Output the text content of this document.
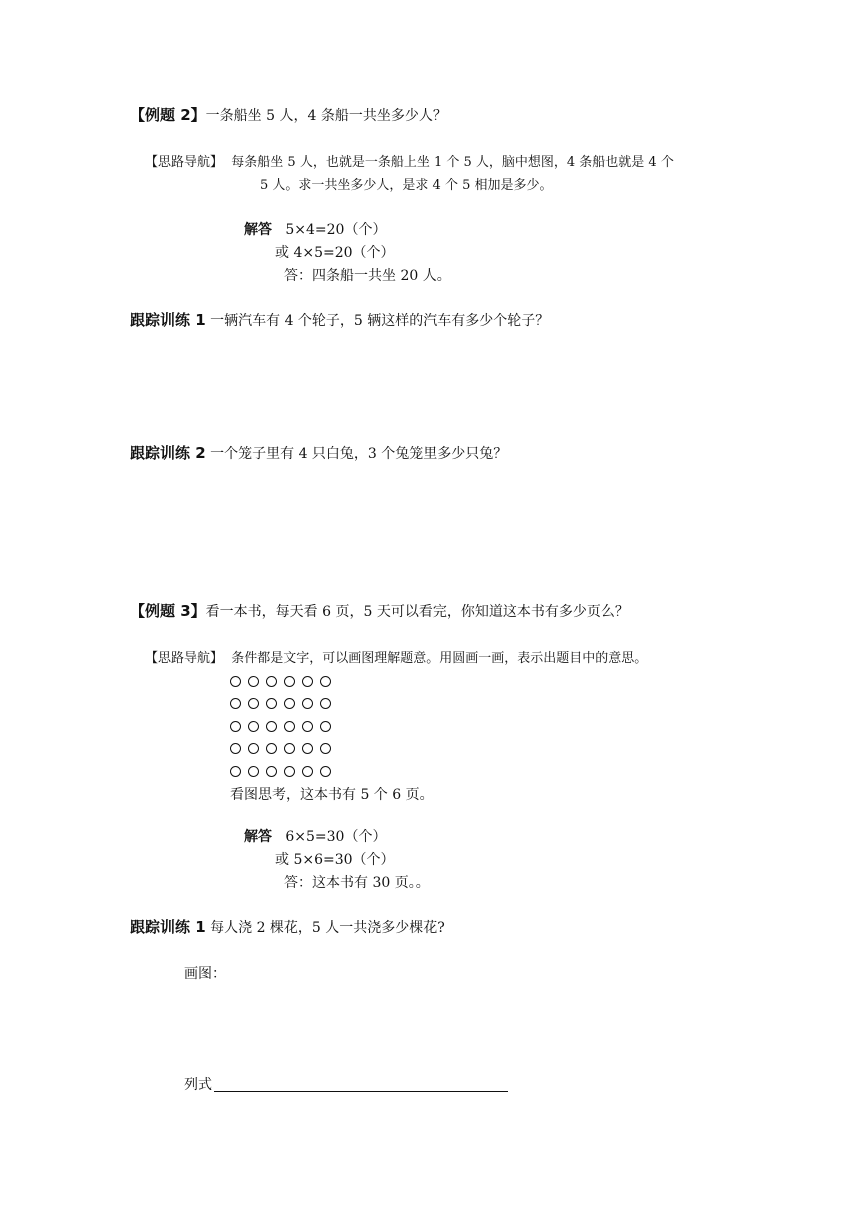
【例题 2】一条船坐 5 人，4 条船一共坐多少人？
【思路导航】 每条船坐 5 人，也就是一条船上坐 1 个 5 人，脑中想图，4 条船也就是 4 个
5 人。求一共坐多少人，是求 4 个 5 相加是多少。
解答 5×4=20（个）
或 4×5=20（个）
答：四条船一共坐 20 人。
跟踪训练 1 一辆汽车有 4 个轮子，5 辆这样的汽车有多少个轮子？
跟踪训练 2 一个笼子里有 4 只白兔，3 个兔笼里多少只兔？
【例题 3】看一本书，每天看 6 页，5 天可以看完，你知道这本书有多少页么？
【思路导航】 条件都是文字，可以画图理解题意。用圆画一画，表示出题目中的意思。
看图思考，这本书有 5 个 6 页。
解答 6×5=30（个）
或 5×6=30（个）
答：这本书有 30 页。。
跟踪训练 1 每人浇 2 棵花，5 人一共浇多少棵花?
画图：
列式
